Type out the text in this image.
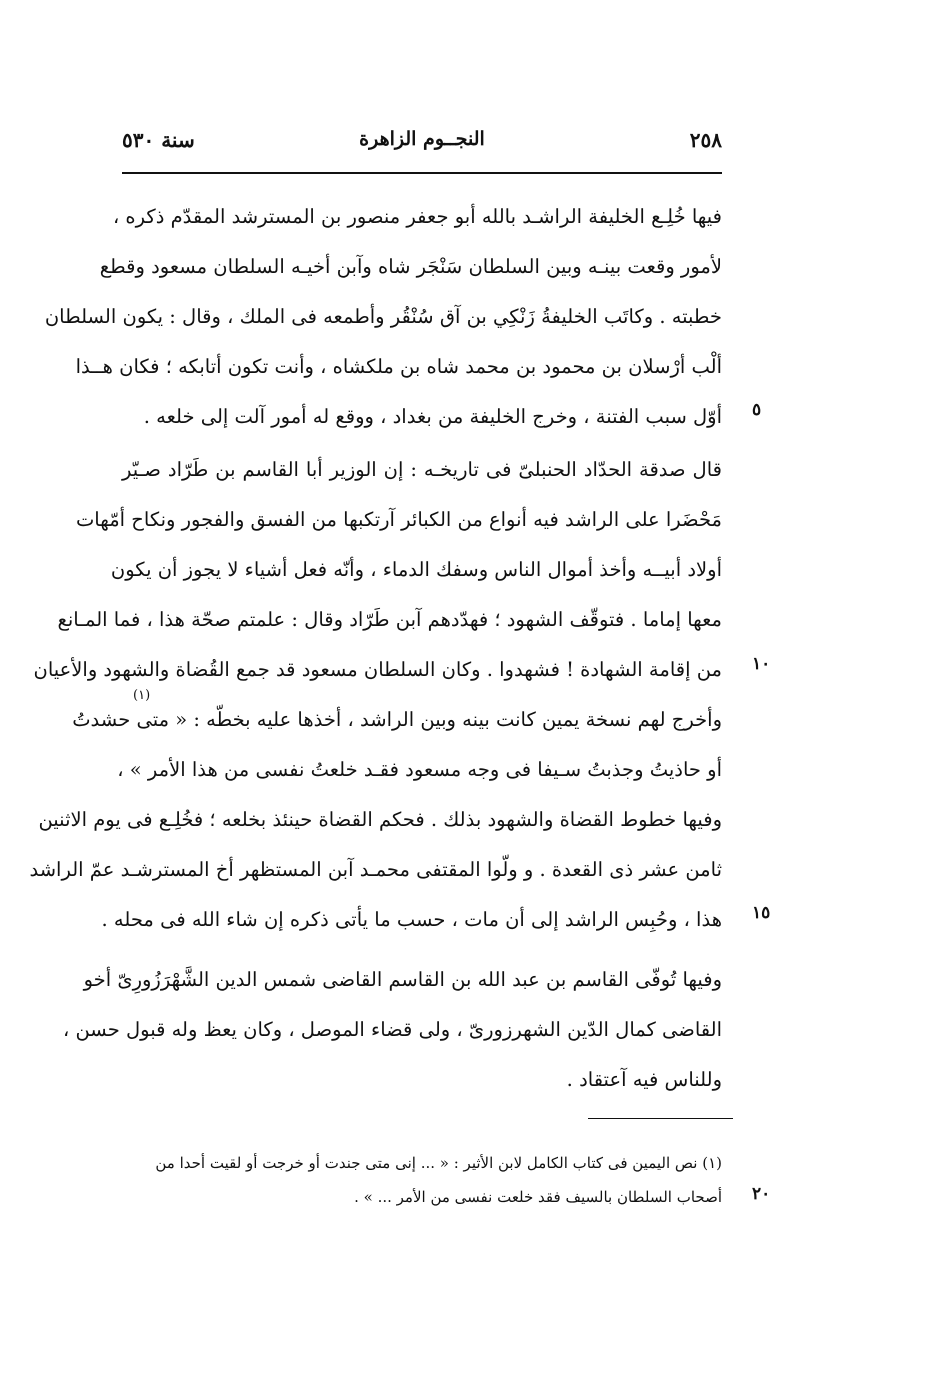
٢٥٨
النجــوم الزاهرة
سنة ٥٣٠
فيها خُلِـع الخليفة الراشـد بالله أبو جعفر منصور بن المسترشد المقدّم ذكره ،
لأمور وقعت بينـه وبين السلطان سَنْجَر شاه وآبن أخيـه السلطان مسعود وقطع
خطبته . وكاتَب الخليفةُ زَنْكِي بن آق سُنْقُر وأطمعه فى الملك ، وقال : يكون السلطان
ألْب أرْسلان بن محمود بن محمد شاه بن ملكشاه ، وأنت تكون أتابكه ؛ فكان هــذا
أوّل سبب الفتنة ، وخرج الخليفة من بغداد ، ووقع له أمور آلت إلى خلعه .
قال صدقة الحدّاد الحنبلىّ فى تاريخـه : إن الوزير أبا القاسم بن طَرّاد صـيّر
مَحْضَرا على الراشد فيه أنواع من الكبائر آرتكبها من الفسق والفجور ونكاح أمّهات
أولاد أبيــه وأخذ أموال الناس وسفك الدماء ، وأنّه فعل أشياء لا يجوز أن يكون
معها إماما . فتوقّف الشهود ؛ فهدّدهم آبن طَرّاد وقال : علمتم صحّة هذا ، فما المـانع
من إقامة الشهادة ! فشهدوا . وكان السلطان مسعود قد جمع القُضاة والشهود والأعيان
وأخرج لهم نسخة يمين كانت بينه وبين الراشد ، أخذها عليه بخطّه : « متى حشدتُ
أو حاذيتُ وجذبتُ سـيفا فى وجه مسعود فقـد خلعتُ نفسى من هذا الأمر » ،
وفيها خطوط القضاة والشهود بذلك . فحكم القضاة حينئذ بخلعه ؛ فخُلِـع فى يوم الاثنين
ثامن عشر ذى القعدة . و ولّوا المقتفى محمـد آبن المستظهر أخ المسترشـد عمّ الراشد
هذا ، وحُبِس الراشد إلى أن مات ، حسب ما يأتى ذكره إن شاء الله فى محله .
(١)
وفيها تُوفّى القاسم بن عبد الله بن القاسم القاضى شمس الدين الشَّهْرَزُورِىّ أخو
القاضى كمال الدّين الشهرزورىّ ، ولى قضاء الموصل ، وكان يعظ وله قبول حسن ،
وللناس فيه آعتقاد .
٥
١٠
١٥
٢٠
(١) نص اليمين فى كتاب الكامل لابن الأثير : « ... إنى متى جندت أو خرجت أو لقيت أحدا من
أصحاب السلطان بالسيف فقد خلعت نفسى من الأمر ... » .
